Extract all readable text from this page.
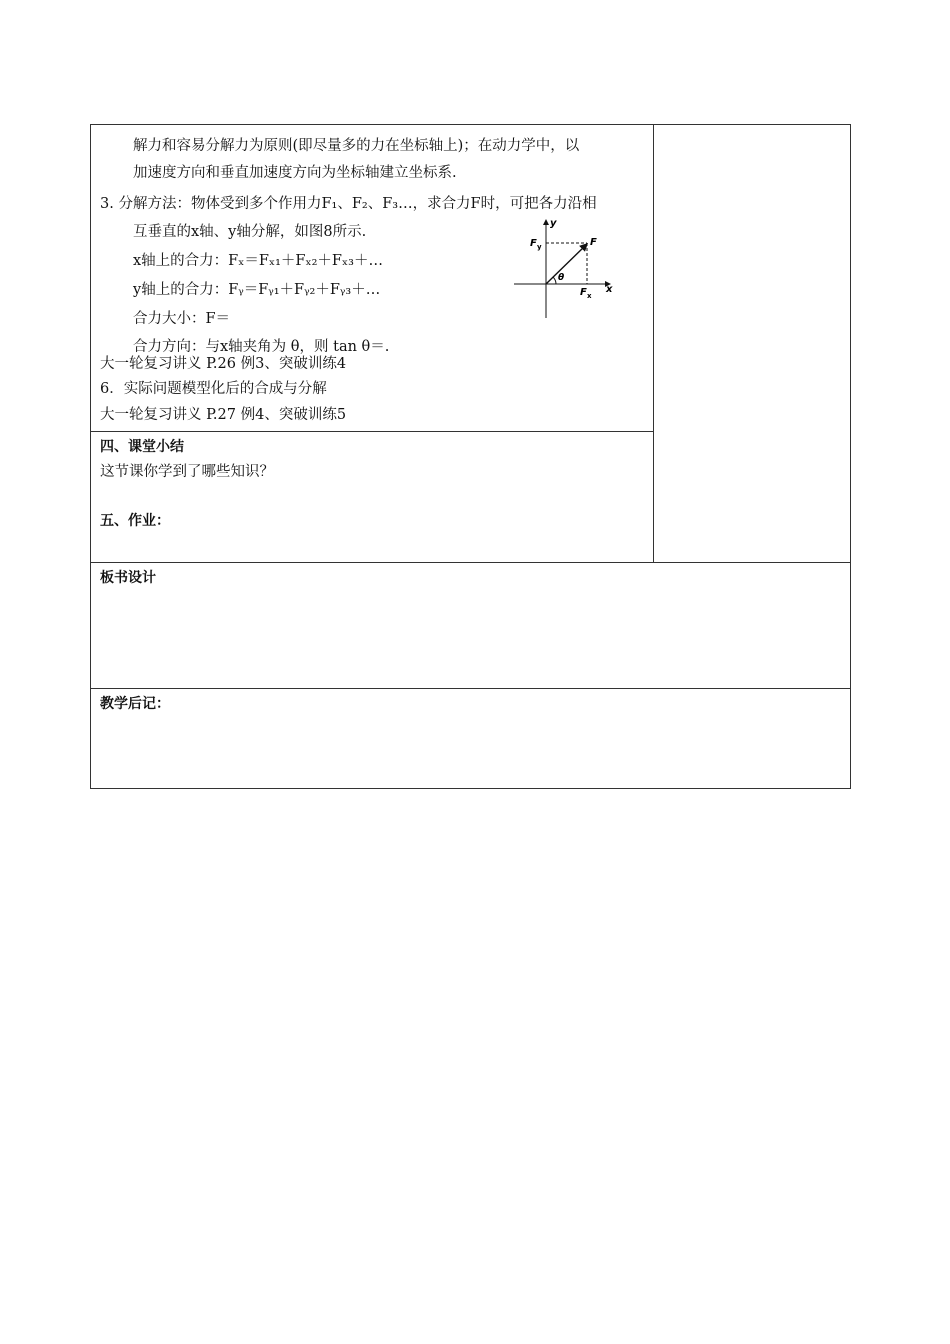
解力和容易分解力为原则(即尽量多的力在坐标轴上)；在动力学中，以
加速度方向和垂直加速度方向为坐标轴建立坐标系.
3. 分解方法：物体受到多个作用力F₁、F₂、F₃…，求合力F时，可把各力沿相
互垂直的x轴、y轴分解，如图8所示.
x轴上的合力：Fₓ＝Fₓ₁＋Fₓ₂＋Fₓ₃＋…
y轴上的合力：Fᵧ＝Fᵧ₁＋Fᵧ₂＋Fᵧ₃＋…
合力大小：F＝
合力方向：与x轴夹角为 θ，则 tan θ＝.
大一轮复习讲义 P.26 例3、突破训练4
6．实际问题模型化后的合成与分解
大一轮复习讲义 P.27 例4、突破训练5
y
x
F
F y
F x
θ
四、课堂小结
这节课你学到了哪些知识？
五、作业：
板书设计
教学后记：
